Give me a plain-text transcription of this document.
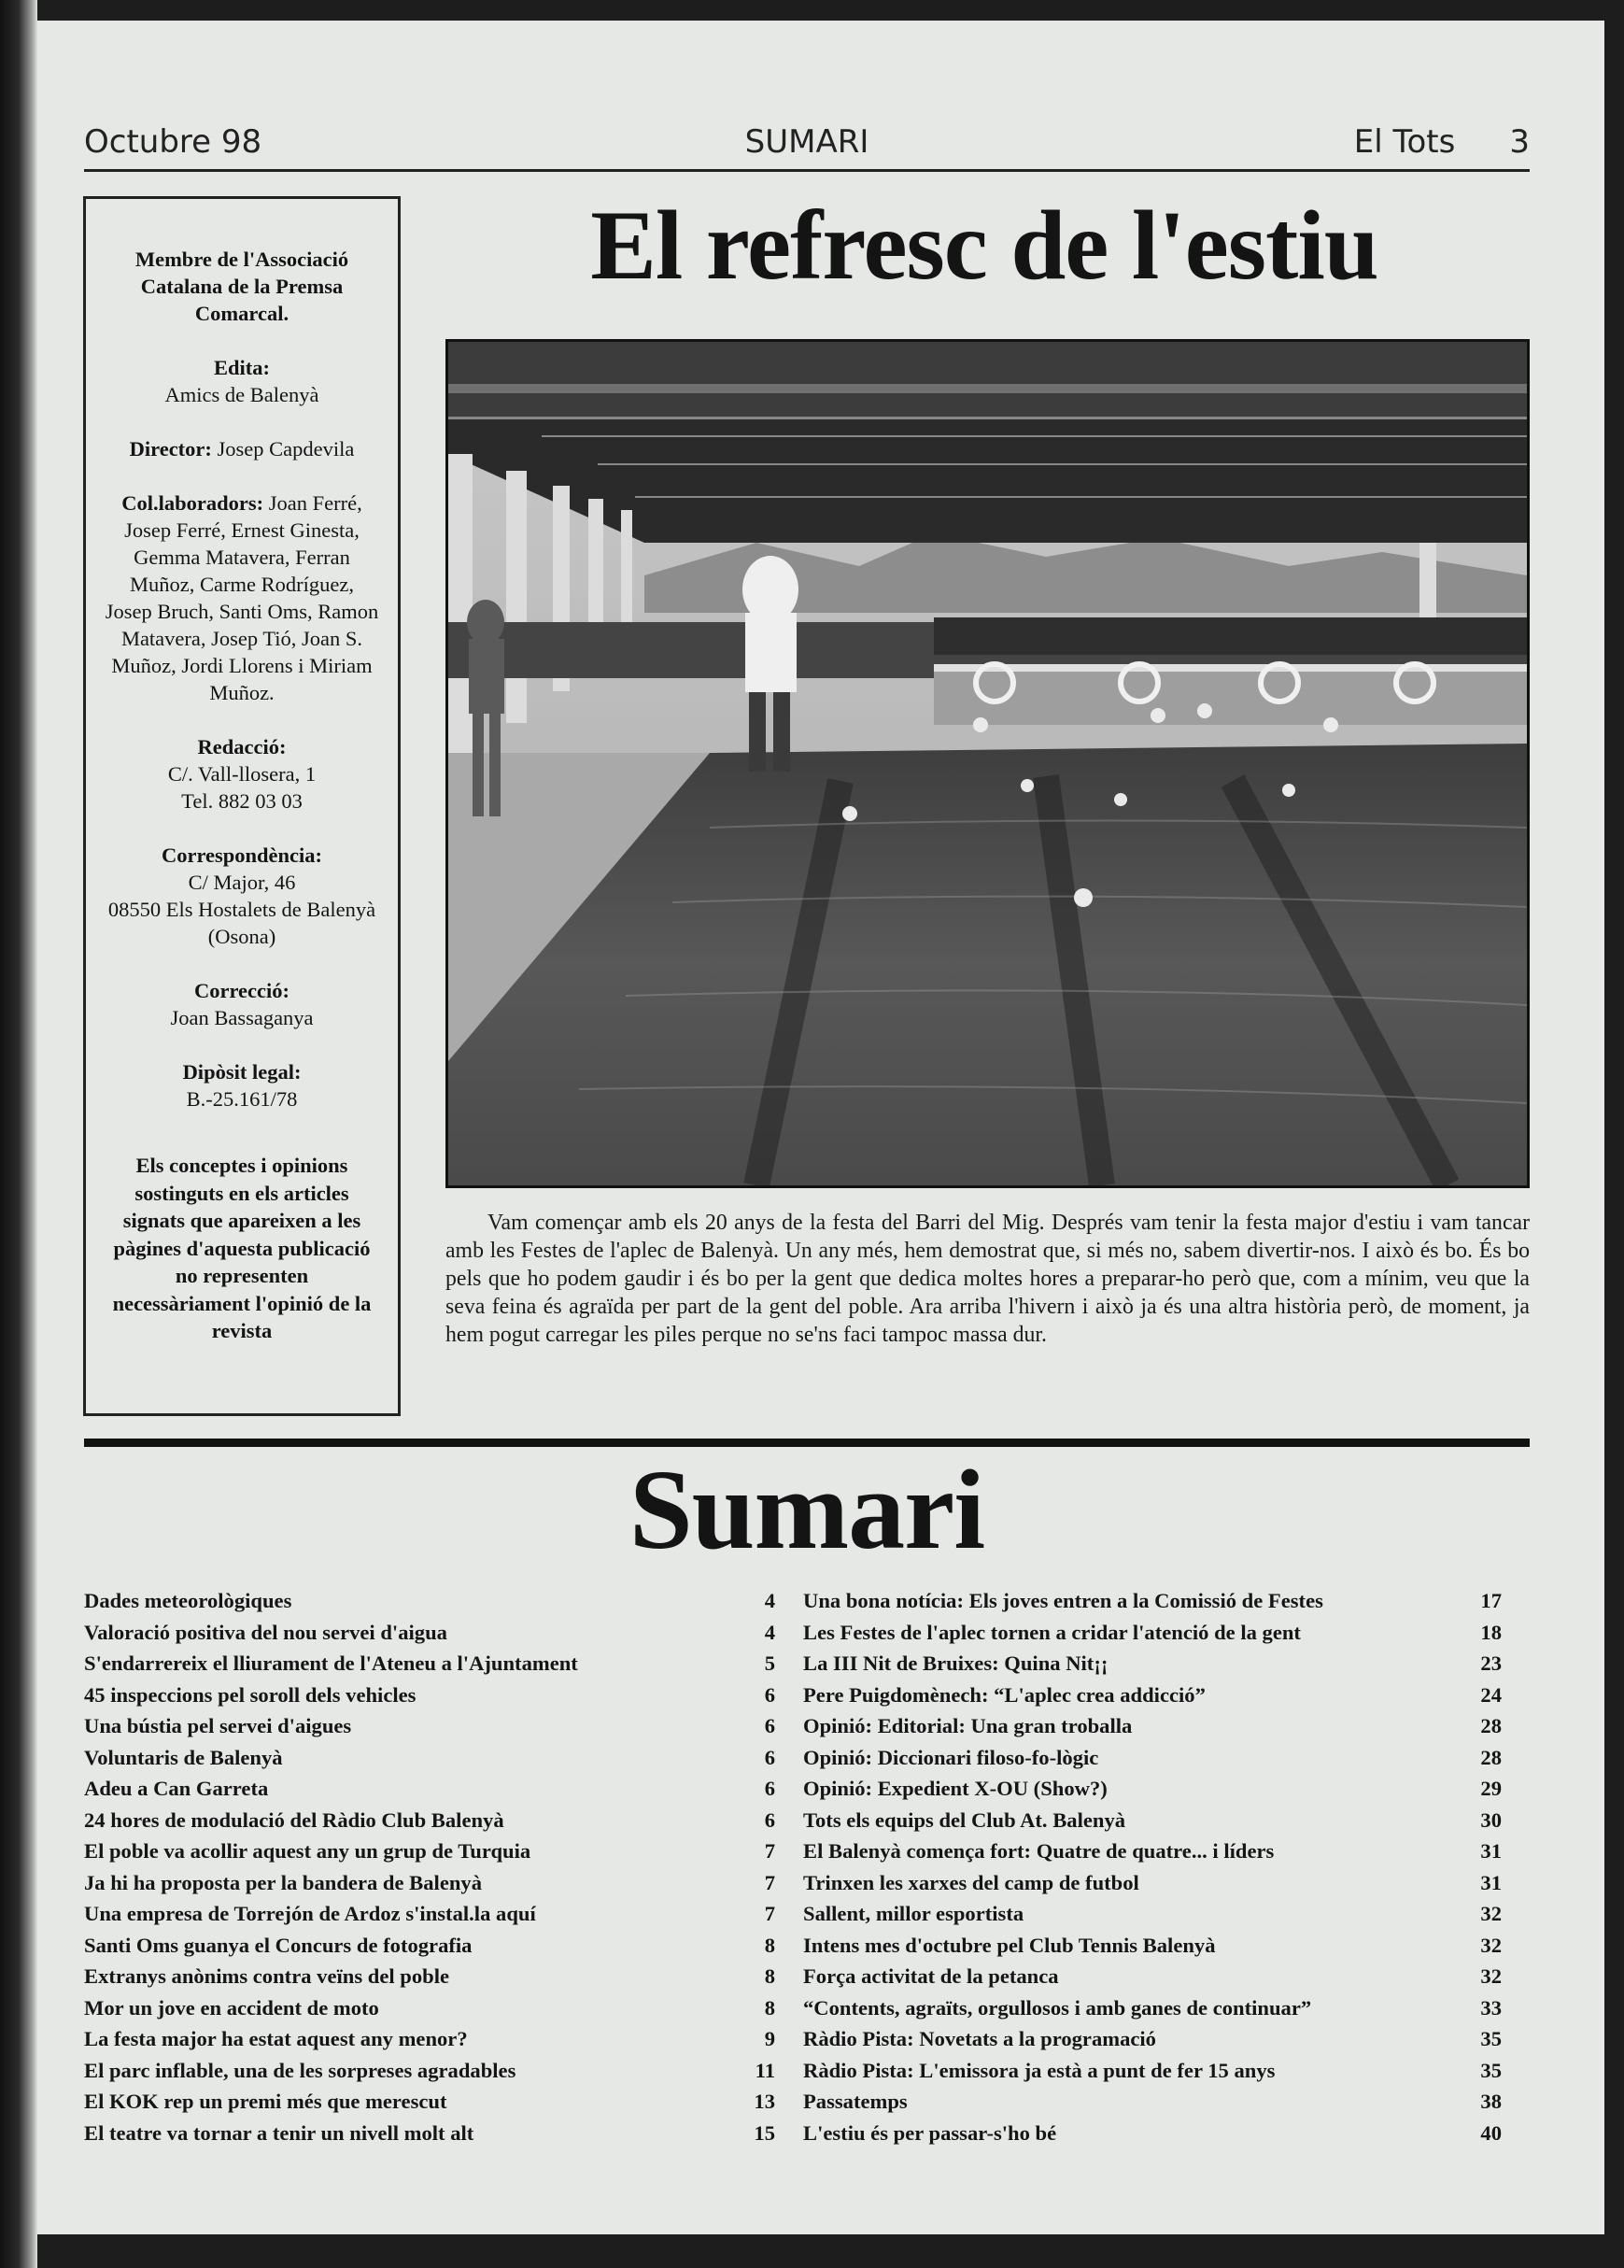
Octubre 98	SUMARI	El Tots 3
Membre de l'Associació Catalana de la Premsa Comarcal.
Edita:
Amics de Balenyà
Director: Josep Capdevila
Col.laboradors: Joan Ferré, Josep Ferré, Ernest Ginesta, Gemma Matavera, Ferran Muñoz, Carme Rodríguez, Josep Bruch, Santi Oms, Ramon Matavera, Josep Tió, Joan S. Muñoz, Jordi Llorens i Miriam Muñoz.
Redacció:
C/. Vall-llosera, 1
Tel. 882 03 03
Correspondència:
C/ Major, 46
08550 Els Hostalets de Balenyà (Osona)
Correcció:
Joan Bassaganya
Dipòsit legal:
B.-25.161/78
Els conceptes i opinions sostinguts en els articles signats que apareixen a les pàgines d'aquesta publicació no representen necessàriament l'opinió de la revista
El refresc de l'estiu
Vam començar amb els 20 anys de la festa del Barri del Mig. Després vam tenir la festa major d'estiu i vam tancar amb les Festes de l'aplec de Balenyà. Un any més, hem demostrat que, si més no, sabem divertir-nos. I això és bo. És bo pels que ho podem gaudir i és bo per la gent que dedica moltes hores a preparar-ho però que, com a mínim, veu que la seva feina és agraïda per part de la gent del poble. Ara arriba l'hivern i això ja és una altra història però, de moment, ja hem pogut carregar les piles perque no se'ns faci tampoc massa dur.
Sumari
Dades meteorològiques	4
Valoració positiva del nou servei d'aigua	4
S'endarrereix el lliurament de l'Ateneu a l'Ajuntament	5
45 inspeccions pel soroll dels vehicles	6
Una bústia pel servei d'aigues	6
Voluntaris de Balenyà	6
Adeu a Can Garreta	6
24 hores de modulació del Ràdio Club Balenyà	6
El poble va acollir aquest any un grup de Turquia	7
Ja hi ha proposta per la bandera de Balenyà	7
Una empresa de Torrejón de Ardoz s'instal.la aquí	7
Santi Oms guanya el Concurs de fotografia	8
Extranys anònims contra veïns del poble	8
Mor un jove en accident de moto	8
La festa major ha estat aquest any menor?	9
El parc inflable, una de les sorpreses agradables	11
El KOK rep un premi més que merescut	13
El teatre va tornar a tenir un nivell molt alt	15
Una bona notícia: Els joves entren a la Comissió de Festes	17
Les Festes de l'aplec tornen a cridar l'atenció de la gent	18
La III Nit de Bruixes: Quina Nit¡¡	23
Pere Puigdomènech: “L'aplec crea addicció”	24
Opinió: Editorial: Una gran troballa	28
Opinió: Diccionari filoso-fo-lògic	28
Opinió: Expedient X-OU (Show?)	29
Tots els equips del Club At. Balenyà	30
El Balenyà comença fort: Quatre de quatre... i líders	31
Trinxen les xarxes del camp de futbol	31
Sallent, millor esportista	32
Intens mes d'octubre pel Club Tennis Balenyà	32
Força activitat de la petanca	32
“Contents, agraïts, orgullosos i amb ganes de continuar”	33
Ràdio Pista: Novetats a la programació	35
Ràdio Pista: L'emissora ja està a punt de fer 15 anys	35
Passatemps	38
L'estiu és per passar-s'ho bé	40
